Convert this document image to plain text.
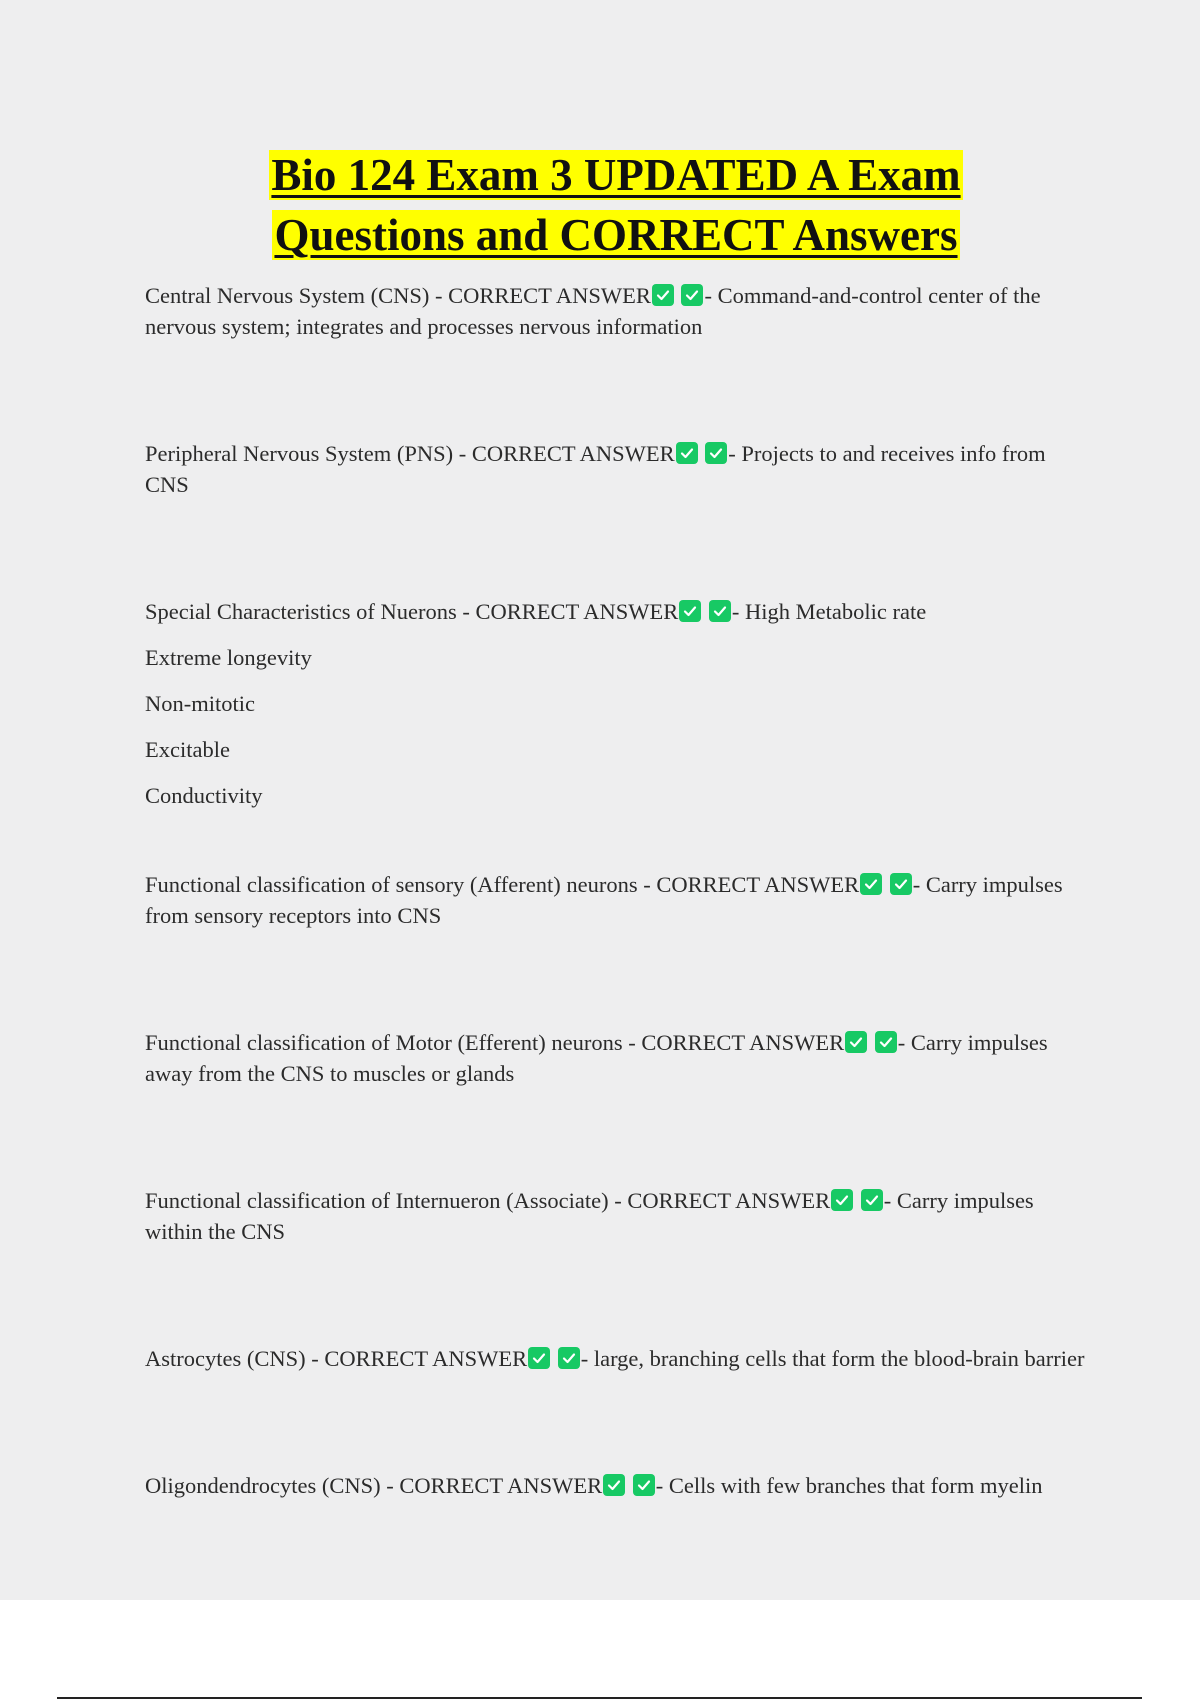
Bio 124 Exam 3 UPDATED A Exam
Questions and CORRECT Answers
Central Nervous System (CNS) - CORRECT ANSWER
- Command-and-control center of the nervous system; integrates and processes nervous information
Peripheral Nervous System (PNS) - CORRECT ANSWER
- Projects to and receives info from CNS
Special Characteristics of Nuerons - CORRECT ANSWER
- High Metabolic rate
Extreme longevity
Non-mitotic
Excitable
Conductivity
Functional classification of sensory (Afferent) neurons - CORRECT ANSWER
- Carry impulses from sensory receptors into CNS
Functional classification of Motor (Efferent) neurons - CORRECT ANSWER
- Carry impulses away from the CNS to muscles or glands
Functional classification of Internueron (Associate) - CORRECT ANSWER
- Carry impulses within the CNS
Astrocytes (CNS) - CORRECT ANSWER
- large, branching cells that form the blood-brain barrier
Oligondendrocytes (CNS) - CORRECT ANSWER
- Cells with few branches that form myelin
